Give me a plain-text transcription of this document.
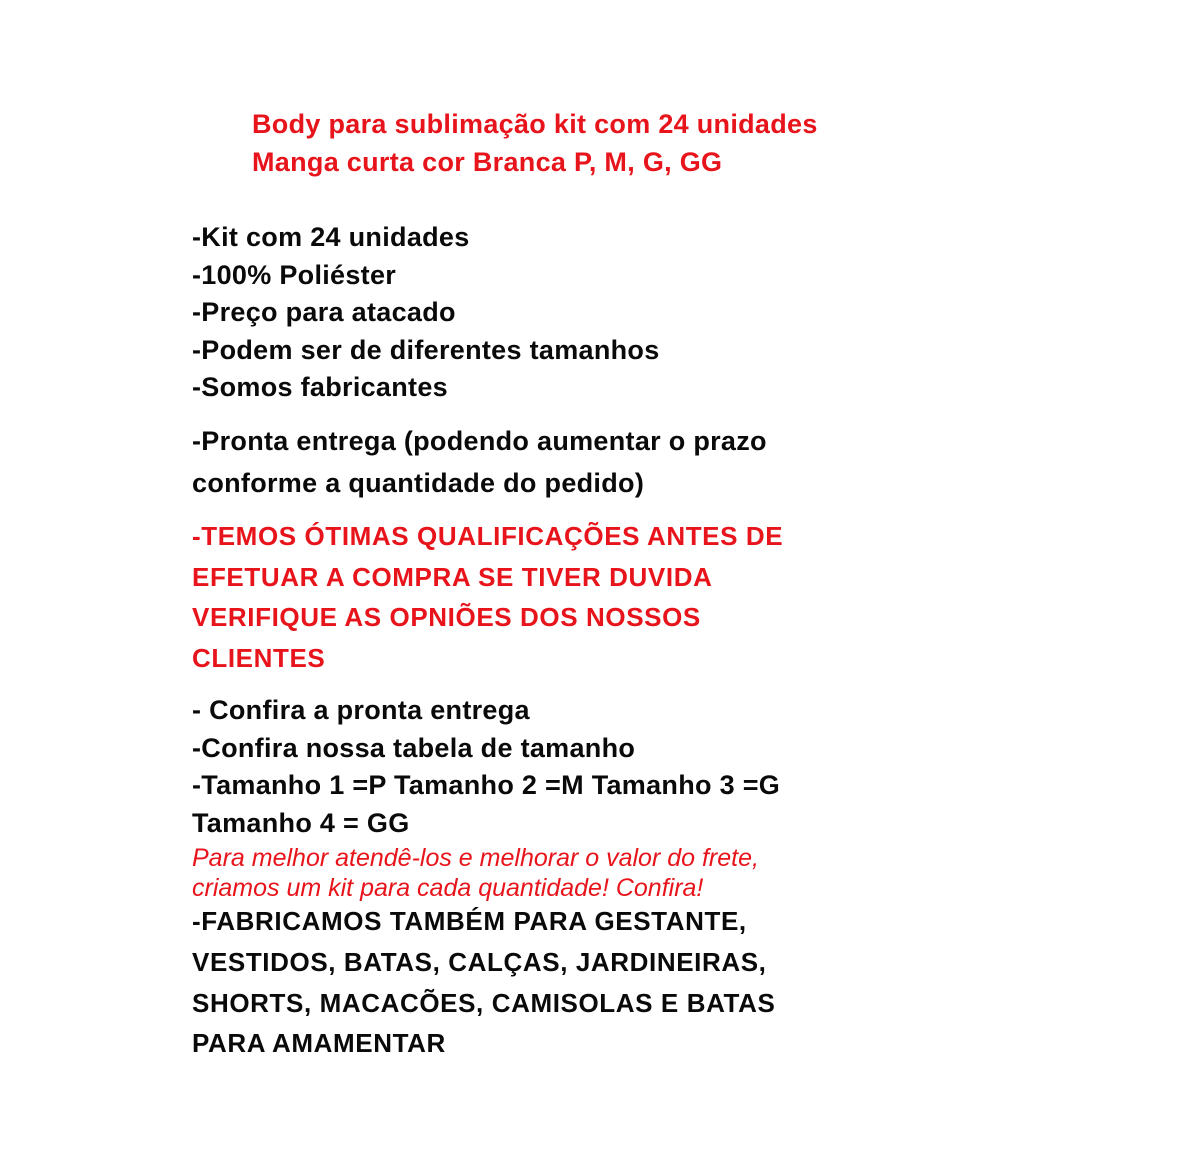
Body para sublimação kit com 24 unidades
Manga curta cor Branca P, M, G, GG
-Kit com 24 unidades
-100% Poliéster
-Preço para atacado
-Podem ser de diferentes tamanhos
-Somos fabricantes
-Pronta entrega (podendo aumentar o prazo
conforme a quantidade do pedido)
-TEMOS ÓTIMAS QUALIFICAÇÕES ANTES DE
EFETUAR A COMPRA SE TIVER DUVIDA
VERIFIQUE AS OPNIÕES DOS NOSSOS
CLIENTES
- Confira a pronta entrega
-Confira nossa tabela de tamanho
-Tamanho 1 =P Tamanho 2 =M Tamanho 3 =G
Tamanho 4 = GG
Para melhor atendê-los e melhorar o valor do frete,
criamos um kit para cada quantidade! Confira!
-FABRICAMOS TAMBÉM PARA GESTANTE,
VESTIDOS, BATAS, CALÇAS, JARDINEIRAS,
SHORTS, MACACÕES, CAMISOLAS E BATAS
PARA AMAMENTAR
